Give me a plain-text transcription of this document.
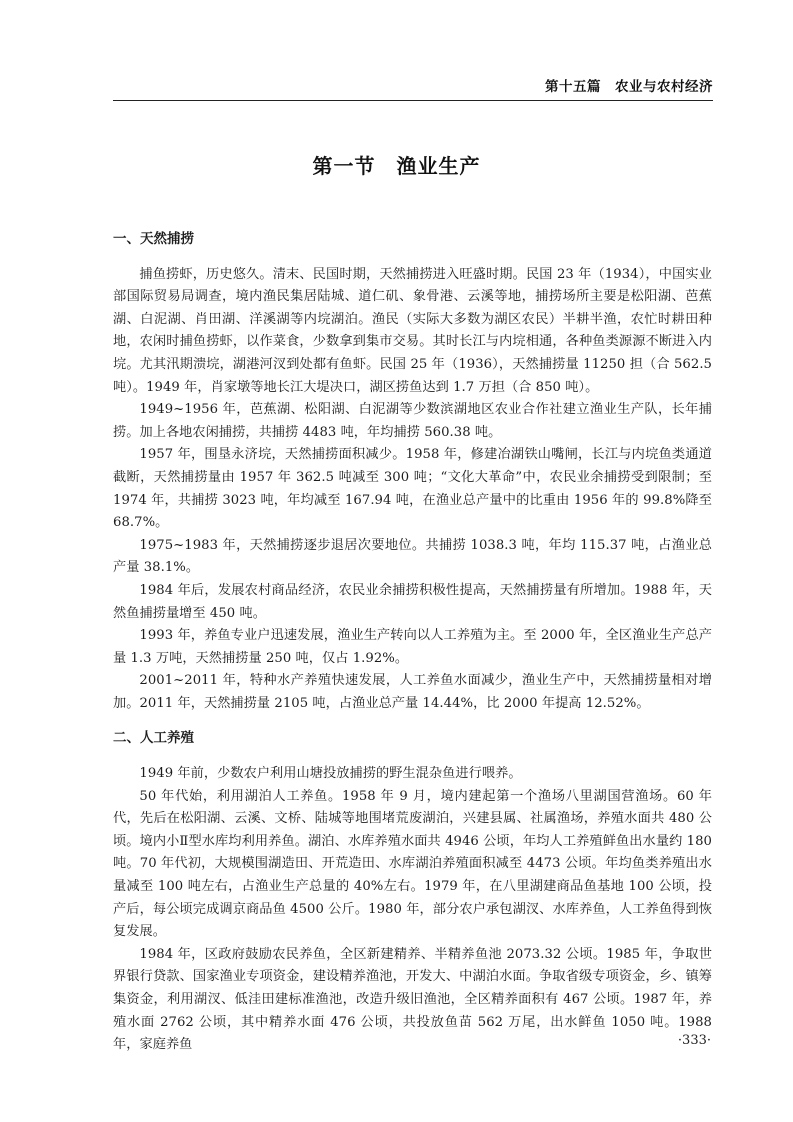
第十五篇　农业与农村经济
第一节　渔业生产
一、天然捕捞

捕鱼捞虾，历史悠久。清末、民国时期，天然捕捞进入旺盛时期。民国 23 年（1934），中国实业部国际贸易局调查，境内渔民集居陆城、道仁矶、象骨港、云溪等地，捕捞场所主要是松阳湖、芭蕉湖、白泥湖、肖田湖、洋溪湖等内垸湖泊。渔民（实际大多数为湖区农民）半耕半渔，农忙时耕田种地，农闲时捕鱼捞虾，以作菜食，少数拿到集市交易。其时长江与内垸相通，各种鱼类源源不断进入内垸。尤其汛期溃垸，湖港河汊到处都有鱼虾。民国 25 年（1936），天然捕捞量 11250 担（合 562.5 吨）。1949 年，肖家墩等地长江大堤决口，湖区捞鱼达到 1.7 万担（合 850 吨）。

1949~1956 年，芭蕉湖、松阳湖、白泥湖等少数滨湖地区农业合作社建立渔业生产队，长年捕捞。加上各地农闲捕捞，共捕捞 4483 吨，年均捕捞 560.38 吨。

1957 年，围垦永济垸，天然捕捞面积减少。1958 年，修建冶湖铁山嘴闸，长江与内垸鱼类通道截断，天然捕捞量由 1957 年 362.5 吨减至 300 吨；“文化大革命”中，农民业余捕捞受到限制；至 1974 年，共捕捞 3023 吨，年均减至 167.94 吨，在渔业总产量中的比重由 1956 年的 99.8%降至 68.7%。

1975~1983 年，天然捕捞逐步退居次要地位。共捕捞 1038.3 吨，年均 115.37 吨，占渔业总产量 38.1%。

1984 年后，发展农村商品经济，农民业余捕捞积极性提高，天然捕捞量有所增加。1988 年，天然鱼捕捞量增至 450 吨。

1993 年，养鱼专业户迅速发展，渔业生产转向以人工养殖为主。至 2000 年，全区渔业生产总产量 1.3 万吨，天然捕捞量 250 吨，仅占 1.92%。

2001~2011 年，特种水产养殖快速发展，人工养鱼水面减少，渔业生产中，天然捕捞量相对增加。2011 年，天然捕捞量 2105 吨，占渔业总产量 14.44%，比 2000 年提高 12.52%。

二、人工养殖

1949 年前，少数农户利用山塘投放捕捞的野生混杂鱼进行喂养。

50 年代始，利用湖泊人工养鱼。1958 年 9 月，境内建起第一个渔场八里湖国营渔场。60 年代，先后在松阳湖、云溪、文桥、陆城等地围堵荒废湖泊，兴建县属、社属渔场，养殖水面共 480 公顷。境内小Ⅱ型水库均利用养鱼。湖泊、水库养殖水面共 4946 公顷，年均人工养殖鲜鱼出水量约 180 吨。70 年代初，大规模围湖造田、开荒造田、水库湖泊养殖面积减至 4473 公顷。年均鱼类养殖出水量减至 100 吨左右，占渔业生产总量的 40%左右。1979 年，在八里湖建商品鱼基地 100 公顷，投产后，每公顷完成调京商品鱼 4500 公斤。1980 年，部分农户承包湖汊、水库养鱼，人工养鱼得到恢复发展。

1984 年，区政府鼓励农民养鱼，全区新建精养、半精养鱼池 2073.32 公顷。1985 年，争取世界银行贷款、国家渔业专项资金，建设精养渔池，开发大、中湖泊水面。争取省级专项资金，乡、镇筹集资金，利用湖汊、低洼田建标准渔池，改造升级旧渔池，全区精养面积有 467 公顷。1987 年，养殖水面 2762 公顷，其中精养水面 476 公顷，共投放鱼苗 562 万尾，出水鲜鱼 1050 吨。1988 年，家庭养鱼	·333·
